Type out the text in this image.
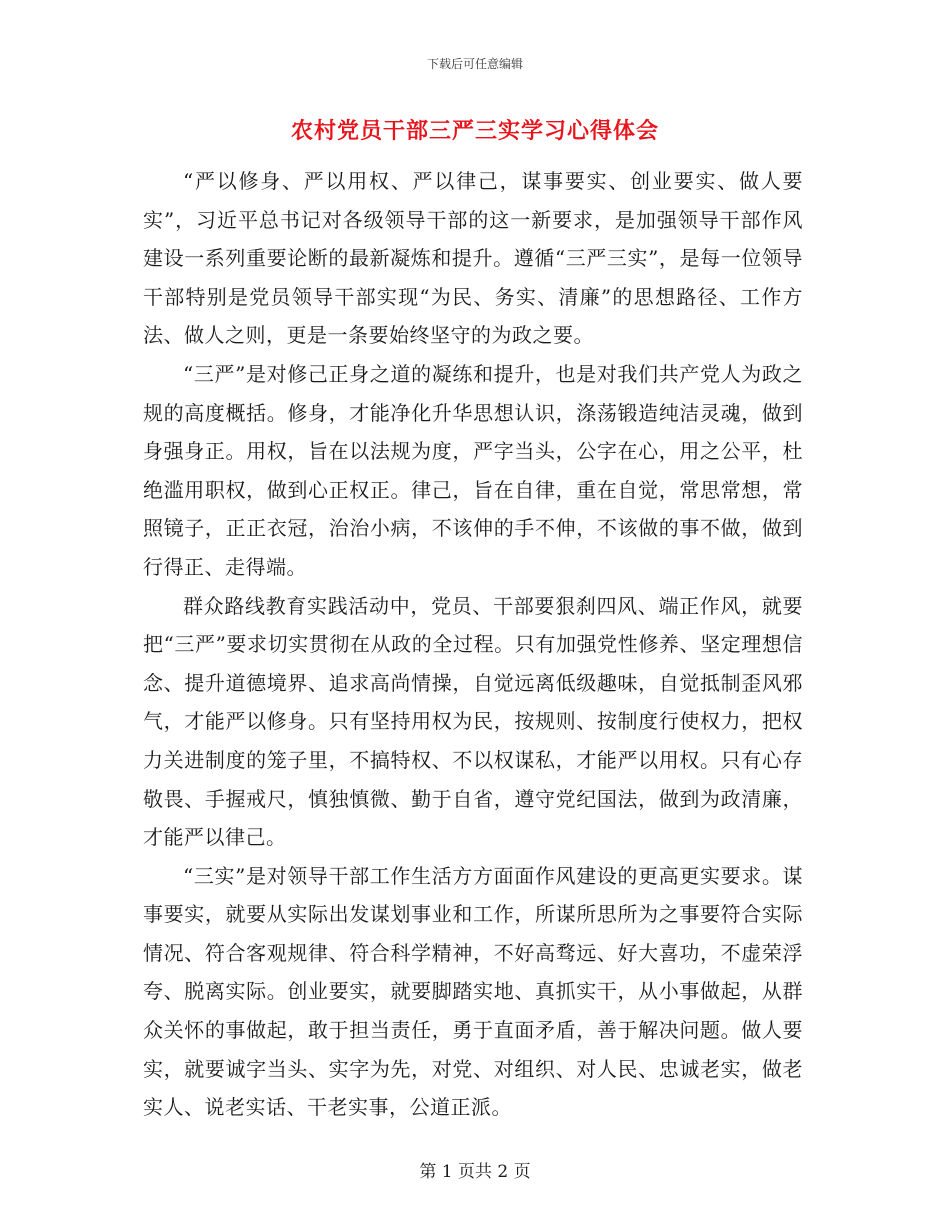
下载后可任意编辑
农村党员干部三严三实学习心得体会

“严以修身、严以用权、严以律己，谋事要实、创业要实、做人要实”，习近平总书记对各级领导干部的这一新要求，是加强领导干部作风建设一系列重要论断的最新凝炼和提升。遵循“三严三实”，是每一位领导干部特别是党员领导干部实现“为民、务实、清廉”的思想路径、工作方法、做人之则，更是一条要始终坚守的为政之要。

“三严”是对修己正身之道的凝练和提升，也是对我们共产党人为政之规的高度概括。修身，才能净化升华思想认识，涤荡锻造纯洁灵魂，做到身强身正。用权，旨在以法规为度，严字当头，公字在心，用之公平，杜绝滥用职权，做到心正权正。律己，旨在自律，重在自觉，常思常想，常照镜子，正正衣冠，治治小病，不该伸的手不伸，不该做的事不做，做到行得正、走得端。

群众路线教育实践活动中，党员、干部要狠刹四风、端正作风，就要把“三严”要求切实贯彻在从政的全过程。只有加强党性修养、坚定理想信念、提升道德境界、追求高尚情操，自觉远离低级趣味，自觉抵制歪风邪气，才能严以修身。只有坚持用权为民，按规则、按制度行使权力，把权力关进制度的笼子里，不搞特权、不以权谋私，才能严以用权。只有心存敬畏、手握戒尺，慎独慎微、勤于自省，遵守党纪国法，做到为政清廉，才能严以律己。

“三实”是对领导干部工作生活方方面面作风建设的更高更实要求。谋事要实，就要从实际出发谋划事业和工作，所谋所思所为之事要符合实际情况、符合客观规律、符合科学精神，不好高骛远、好大喜功，不虚荣浮夸、脱离实际。创业要实，就要脚踏实地、真抓实干，从小事做起，从群众关怀的事做起，敢于担当责任，勇于直面矛盾，善于解决问题。做人要实，就要诚字当头、实字为先，对党、对组织、对人民、忠诚老实，做老实人、说老实话、干老实事，公道正派。

第 1 页共 2 页
